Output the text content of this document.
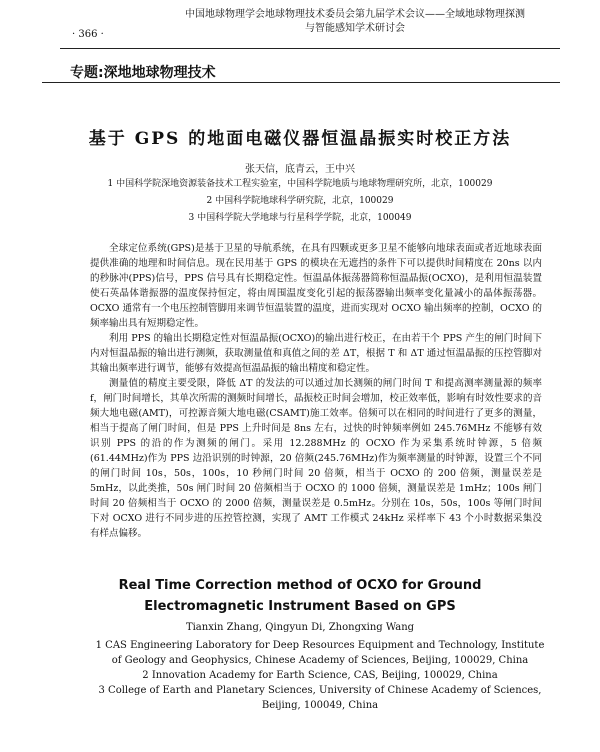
· 366 ·
中国地球物理学会地球物理技术委员会第九届学术会议——全域地球物理探测
与智能感知学术研讨会
专题:深地地球物理技术
基于 GPS 的地面电磁仪器恒温晶振实时校正方法
张天信，底青云，王中兴
1 中国科学院深地资源装备技术工程实验室，中国科学院地质与地球物理研究所，北京，100029
2 中国科学院地球科学研究院，北京，100029
3 中国科学院大学地球与行星科学学院，北京，100049

全球定位系统(GPS)是基于卫星的导航系统，在具有四颗或更多卫星不能够向地球表面或者近地球表面提供准确的地理和时间信息。现在民用基于 GPS 的模块在无遮挡的条件下可以提供时间精度在 20ns 以内的秒脉冲(PPS)信号，PPS 信号具有长期稳定性。恒温晶体振荡器简称恒温晶振(OCXO)，是利用恒温装置使石英晶体谐振器的温度保持恒定，将由周围温度变化引起的振荡器输出频率变化量减小的晶体振荡器。OCXO 通常有一个电压控制管脚用来调节恒温装置的温度，进而实现对 OCXO 输出频率的控制，OCXO 的频率输出具有短期稳定性。

利用 PPS 的输出长期稳定性对恒温晶振(OCXO)的输出进行校正，在由若干个 PPS 产生的闸门时间下内对恒温晶振的输出进行测频，获取测量值和真值之间的差 ΔT，根据 T 和 ΔT 通过恒温晶振的压控管脚对其输出频率进行调节，能够有效提高恒温晶振的输出精度和稳定性。

测量值的精度主要受限，降低 ΔT 的发法的可以通过加长测频的闸门时间 T 和提高测率测量源的频率f，闸门时间增长，其单次所需的测频时间增长，晶振校正时间会增加，校正效率低，影响有时效性要求的音频大地电磁(AMT)，可控源音频大地电磁(CSAMT)施工效率。倍频可以在相同的时间进行了更多的测量，相当于提高了闸门时间，但是 PPS 上升时间是 8ns 左右，过快的时钟频率例如 245.76MHz 不能够有效识别 PPS 的沿的作为测频的闸门。采用 12.288MHz 的 OCXO 作为采集系统时钟源，5 倍频(61.44MHz)作为 PPS 边沿识别的时钟源，20 倍频(245.76MHz)作为频率测量的时钟源，设置三个不同的闸门时间 10s，50s，100s，10 秒闸门时间 20 倍频，相当于 OCXO 的 200 倍频，测量误差是 5mHz，以此类推，50s 闸门时间 20 倍频相当于 OCXO 的 1000 倍频，测量误差是 1mHz；100s 闸门时间 20 倍频相当于 OCXO 的 2000 倍频，测量误差是 0.5mHz。分别在 10s，50s，100s 等闸门时间下对 OCXO 进行不同步进的压控管控测，实现了 AMT 工作模式 24kHz 采样率下 43 个小时数据采集没有样点偏移。

Real Time Correction method of OCXO for Ground
Electromagnetic Instrument Based on GPS
Tianxin Zhang, Qingyun Di, Zhongxing Wang
1 CAS Engineering Laboratory for Deep Resources Equipment and Technology, Institute of Geology and Geophysics, Chinese Academy of Sciences, Beijing, 100029, China
2 Innovation Academy for Earth Science, CAS, Beijing, 100029, China
3 College of Earth and Planetary Sciences, University of Chinese Academy of Sciences, Beijing, 100049, China
